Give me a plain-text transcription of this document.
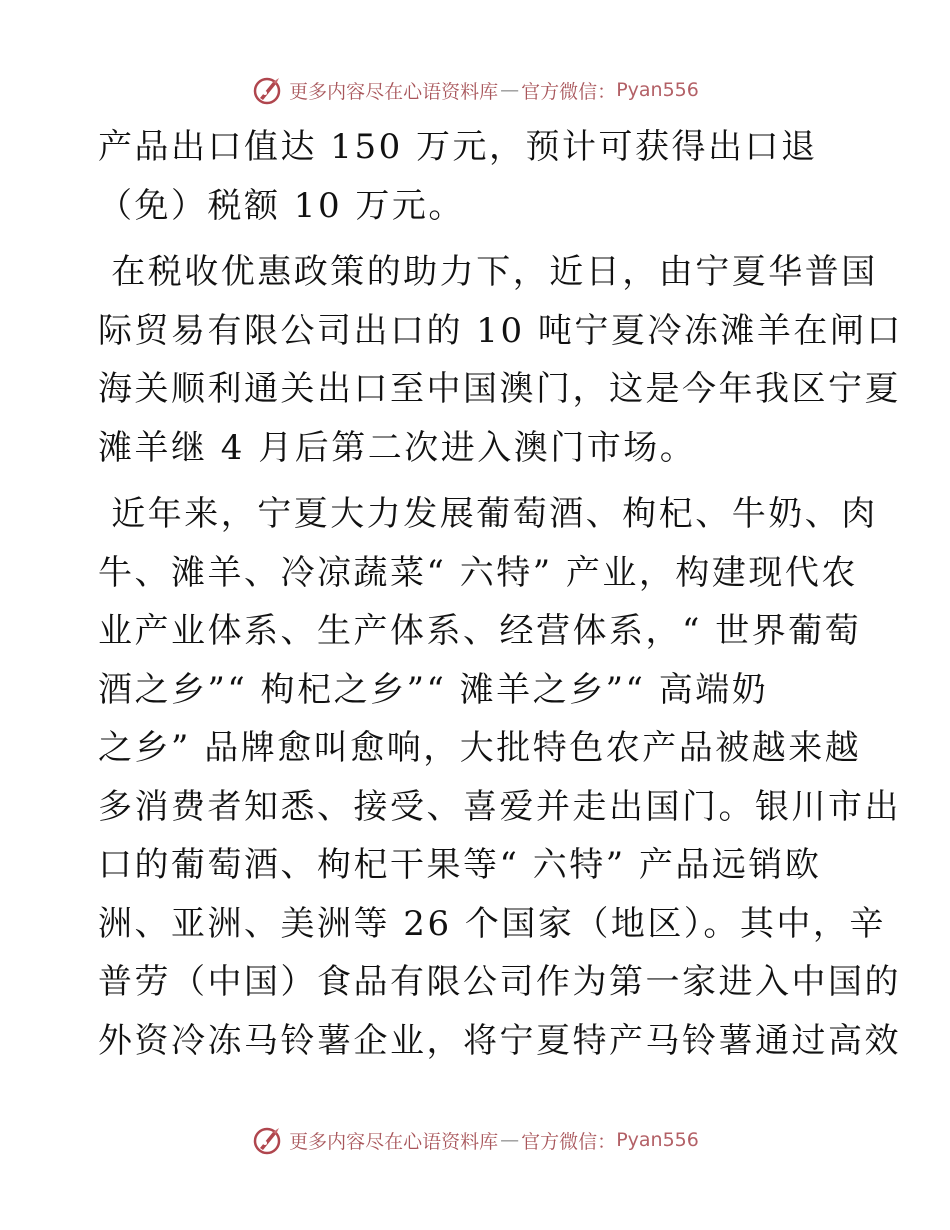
更多内容尽在心语资料库 — 官方微信： Pyan556
产品出口值达 150 万元，预计可获得出口退
（免）税额 10 万元。
在税收优惠政策的助力下，近日，由宁夏华普国
际贸易有限公司出口的 10 吨宁夏冷冻滩羊在闸口
海关顺利通关出口至中国澳门，这是今年我区宁夏
滩羊继 4 月后第二次进入澳门市场。
近年来，宁夏大力发展葡萄酒、枸杞、牛奶、肉
牛、滩羊、冷凉蔬菜“ 六特” 产业，构建现代农
业产业体系、生产体系、经营体系，“ 世界葡萄
酒之乡”“ 枸杞之乡”“ 滩羊之乡”“ 高端奶
之乡” 品牌愈叫愈响，大批特色农产品被越来越
多消费者知悉、接受、喜爱并走出国门。银川市出
口的葡萄酒、枸杞干果等“ 六特” 产品远销欧
洲、亚洲、美洲等 26 个国家（地区）。其中，辛
普劳（中国）食品有限公司作为第一家进入中国的
外资冷冻马铃薯企业，将宁夏特产马铃薯通过高效
更多内容尽在心语资料库 — 官方微信： Pyan556
